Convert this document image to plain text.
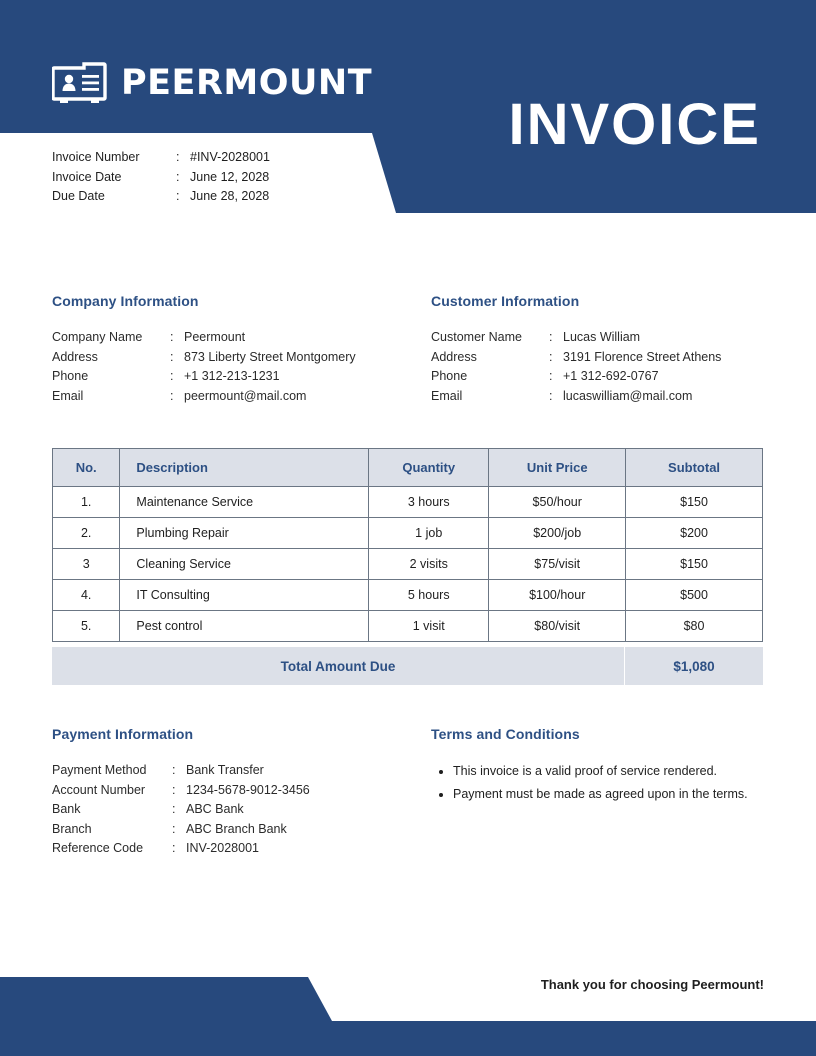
PEERMOUNT
INVOICE
Invoice Number	: #INV-2028001
Invoice Date	: June 12, 2028
Due Date	: June 28, 2028
Company Information
Company Name	: Peermount
Address	: 873 Liberty Street Montgomery
Phone	: +1 312-213-1231
Email	: peermount@mail.com
Customer Information
Customer Name	: Lucas William
Address	: 3191 Florence Street Athens
Phone	: +1 312-692-0767
Email	: lucaswilliam@mail.com
No.	Description	Quantity	Unit Price	Subtotal
1.	Maintenance Service	3 hours	$50/hour	$150
2.	Plumbing Repair	1 job	$200/job	$200
3	Cleaning Service	2 visits	$75/visit	$150
4.	IT Consulting	5 hours	$100/hour	$500
5.	Pest control	1 visit	$80/visit	$80
Total Amount Due	$1,080
Payment Information
Payment Method	: Bank Transfer
Account Number	: 1234-5678-9012-3456
Bank	: ABC Bank
Branch	: ABC Branch Bank
Reference Code	: INV-2028001
Terms and Conditions
• This invoice is a valid proof of service rendered.
• Payment must be made as agreed upon in the terms.
Thank you for choosing Peermount!
